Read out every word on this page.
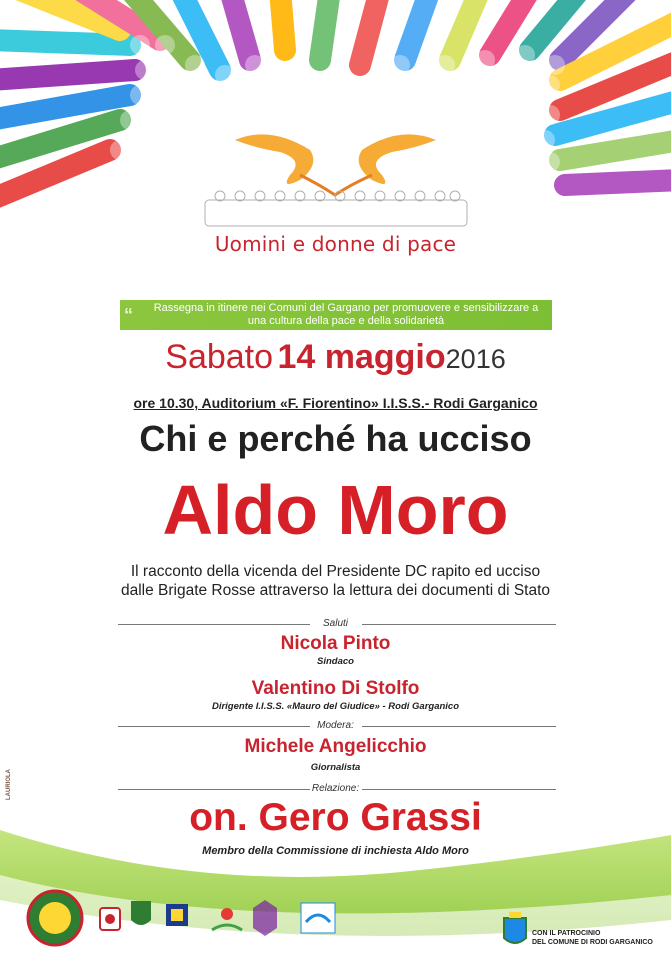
Uomini e donne di pace
“	Rassegna in itinere nei Comuni del Gargano per promuovere e sensibilizzare a una cultura della pace e della solidarietà
Sabato 14 maggio2016
ore 10.30, Auditorium «F. Fiorentino» I.I.S.S.- Rodi Garganico
Chi e perché ha ucciso
Aldo Moro
Il racconto della vicenda del Presidente DC rapito ed ucciso
dalle Brigate Rosse attraverso la lettura dei documenti di Stato
Saluti
Nicola Pinto
Sindaco
Valentino Di Stolfo
Dirigente I.I.S.S. «Mauro del Giudice» - Rodi Garganico
Modera:
Michele Angelicchio
Giornalista
Relazione:
on. Gero Grassi
Membro della Commissione di inchiesta Aldo Moro
LAURIOLA
CON IL PATROCINIO
DEL COMUNE DI RODI GARGANICO
